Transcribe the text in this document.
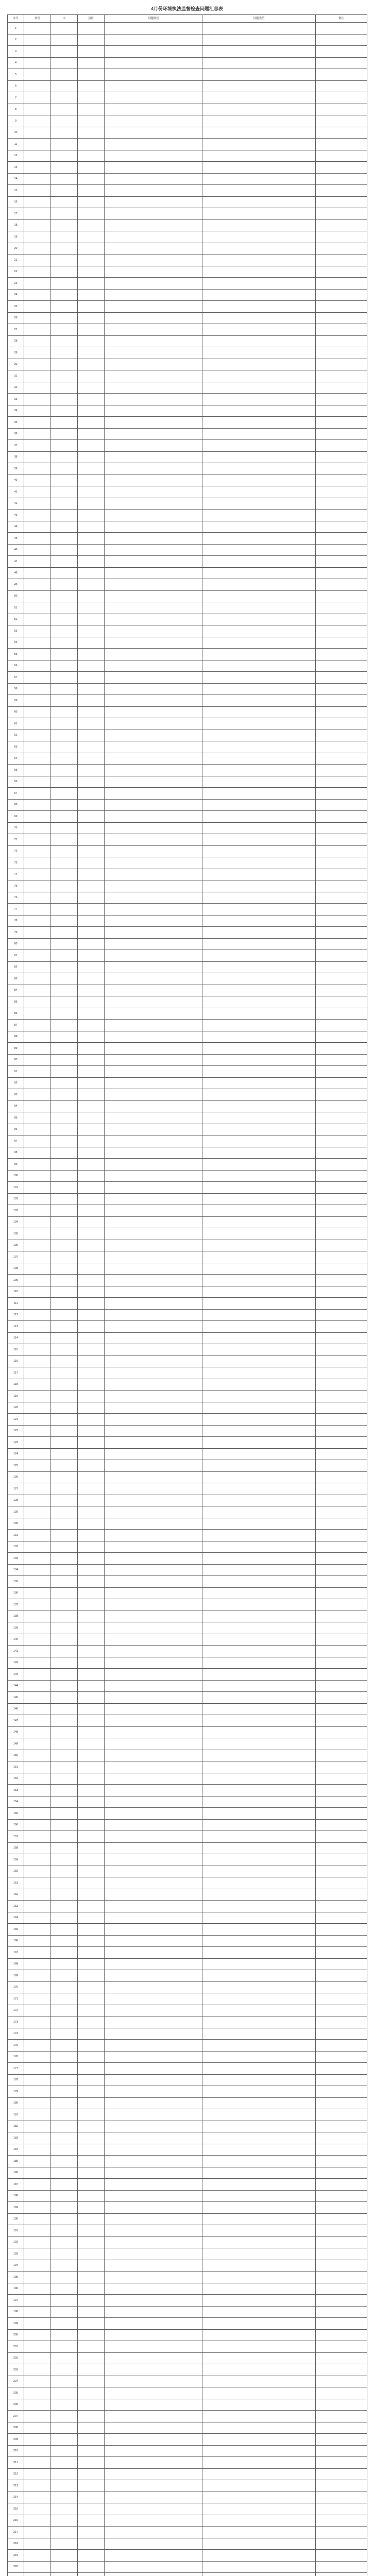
4月份环境执法监督检查问题汇总表
序号	省份	市	县区	问题描述	问题类型	备注
1						
2						
3						
4						
5						
6						
7						
8						
9						
10						
11						
12						
13						
14						
15						
16						
17						
18						
19						
20						
21						
22						
23						
24						
25						
26						
27						
28						
29						
30						
31						
32						
33						
34						
35						
36						
37						
38						
39						
40						
41						
42						
43						
44						
45						
46						
47						
48						
49						
50						
51						
52						
53						
54						
55						
56						
57						
58						
59						
60						
61						
62						
63						
64						
65						
66						
67						
68						
69						
70						
71						
72						
73						
74						
75						
76						
77						
78						
79						
80						
81						
82						
83						
84						
85						
86						
87						
88						
89						
90						
91						
92						
93						
94						
95						
96						
97						
98						
99						
100						
101						
102						
103						
104						
105						
106						
107						
108						
109						
110						
111						
112						
113						
114						
115						
116						
117						
118						
119						
120						
121						
122						
123						
124						
125						
126						
127						
128						
129						
130						
131						
132						
133						
134						
135						
136						
137						
138						
139						
140						
141						
142						
143						
144						
145						
146						
147						
148						
149						
150						
151						
152						
153						
154						
155						
156						
157						
158						
159						
160						
161						
162						
163						
164						
165						
166						
167						
168						
169						
170						
171						
172						
173						
174						
175						
176						
177						
178						
179						
180						
181						
182						
183						
184						
185						
186						
187						
188						
189						
190						
191						
192						
193						
194						
195						
196						
197						
198						
199						
200						
201						
202						
203						
204						
205						
206						
207						
208						
209						
210						
211						
212						
213						
214						
215						
216						
217						
218						
219						
220						
